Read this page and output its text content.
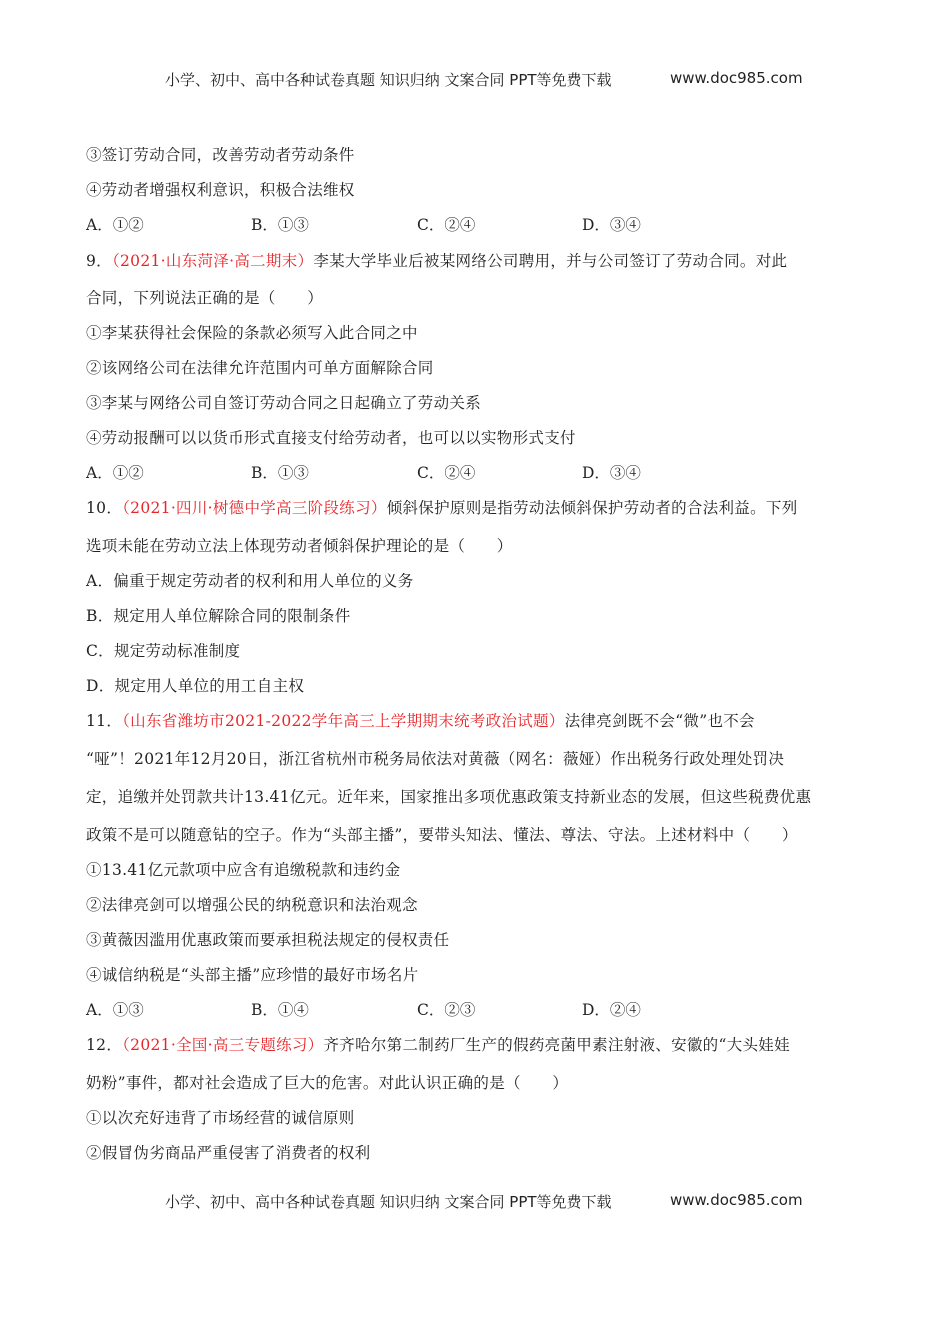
小学、初中、高中各种试卷真题 知识归纳 文案合同 PPT等免费下载	www.doc985.com
③签订劳动合同，改善劳动者劳动条件
④劳动者增强权利意识，积极合法维权
A．①②	B．①③	C．②④	D．③④
9．（2021·山东菏泽·高二期末）李某大学毕业后被某网络公司聘用，并与公司签订了劳动合同。对此
合同，下列说法正确的是（　　）
①李某获得社会保险的条款必须写入此合同之中
②该网络公司在法律允许范围内可单方面解除合同
③李某与网络公司自签订劳动合同之日起确立了劳动关系
④劳动报酬可以以货币形式直接支付给劳动者，也可以以实物形式支付
A．①②	B．①③	C．②④	D．③④
10．（2021·四川·树德中学高三阶段练习）倾斜保护原则是指劳动法倾斜保护劳动者的合法利益。下列
选项未能在劳动立法上体现劳动者倾斜保护理论的是（　　）
A．偏重于规定劳动者的权利和用人单位的义务
B．规定用人单位解除合同的限制条件
C．规定劳动标准制度
D．规定用人单位的用工自主权
11．（山东省潍坊市2021-2022学年高三上学期期末统考政治试题）法律亮剑既不会“微”也不会
“哑”！2021年12月20日，浙江省杭州市税务局依法对黄薇（网名：薇娅）作出税务行政处理处罚决
定，追缴并处罚款共计13.41亿元。近年来，国家推出多项优惠政策支持新业态的发展，但这些税费优惠
政策不是可以随意钻的空子。作为“头部主播”，要带头知法、懂法、尊法、守法。上述材料中（　　）
①13.41亿元款项中应含有追缴税款和违约金
②法律亮剑可以增强公民的纳税意识和法治观念
③黄薇因滥用优惠政策而要承担税法规定的侵权责任
④诚信纳税是“头部主播”应珍惜的最好市场名片
A．①③	B．①④	C．②③	D．②④
12．（2021·全国·高三专题练习）齐齐哈尔第二制药厂生产的假药亮菌甲素注射液、安徽的“大头娃娃
奶粉”事件，都对社会造成了巨大的危害。对此认识正确的是（　　）
①以次充好违背了市场经营的诚信原则
②假冒伪劣商品严重侵害了消费者的权利
小学、初中、高中各种试卷真题 知识归纳 文案合同 PPT等免费下载	www.doc985.com
